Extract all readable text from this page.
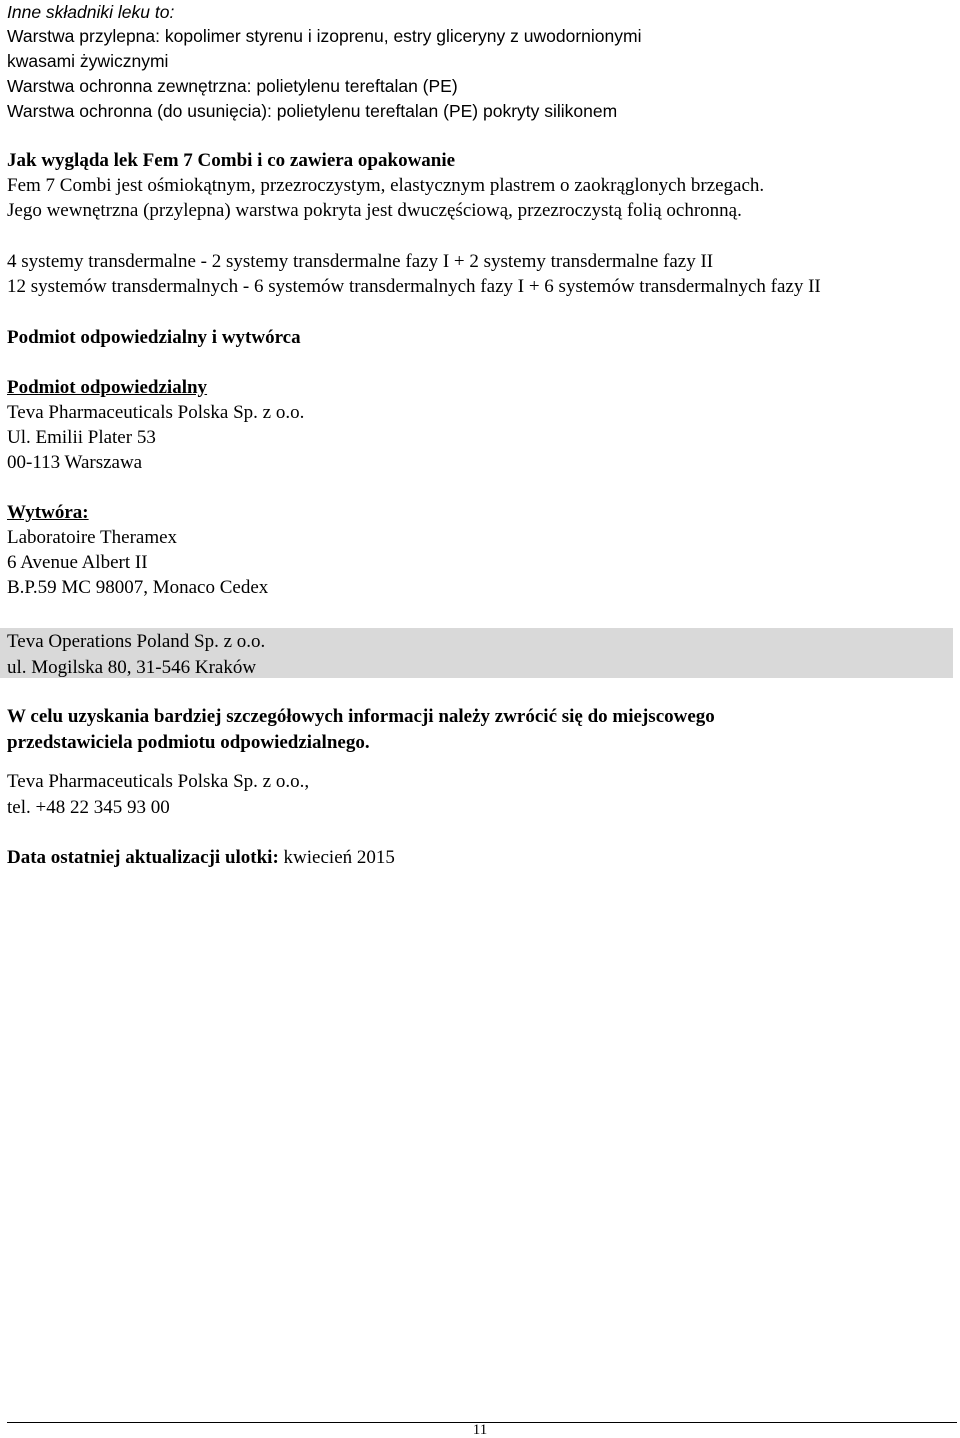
Inne składniki leku to:
Warstwa przylepna: kopolimer styrenu i izoprenu, estry gliceryny z uwodornionymi
kwasami żywicznymi
Warstwa ochronna zewnętrzna: polietylenu tereftalan (PE)
Warstwa ochronna (do usunięcia): polietylenu tereftalan (PE) pokryty silikonem
Jak wygląda lek Fem 7 Combi i co zawiera opakowanie
Fem 7 Combi jest ośmiokątnym, przezroczystym, elastycznym plastrem o zaokrąglonych brzegach.
Jego wewnętrzna (przylepna) warstwa pokryta jest dwuczęściową, przezroczystą folią ochronną.
4 systemy transdermalne - 2 systemy transdermalne fazy I + 2 systemy transdermalne fazy II
12 systemów transdermalnych - 6 systemów transdermalnych fazy I + 6 systemów transdermalnych fazy II
Podmiot odpowiedzialny i wytwórca
Podmiot odpowiedzialny
Teva Pharmaceuticals Polska Sp. z o.o.
Ul. Emilii Plater 53
00-113 Warszawa
Wytwóra:
Laboratoire Theramex
6 Avenue Albert II
B.P.59 MC 98007, Monaco Cedex
Teva Operations Poland Sp. z o.o.
ul. Mogilska 80, 31-546 Kraków
W celu uzyskania bardziej szczegółowych informacji należy zwrócić się do miejscowego
przedstawiciela podmiotu odpowiedzialnego.
Teva Pharmaceuticals Polska Sp. z o.o.,
tel. +48 22 345 93 00
Data ostatniej aktualizacji ulotki: kwiecień 2015
11
